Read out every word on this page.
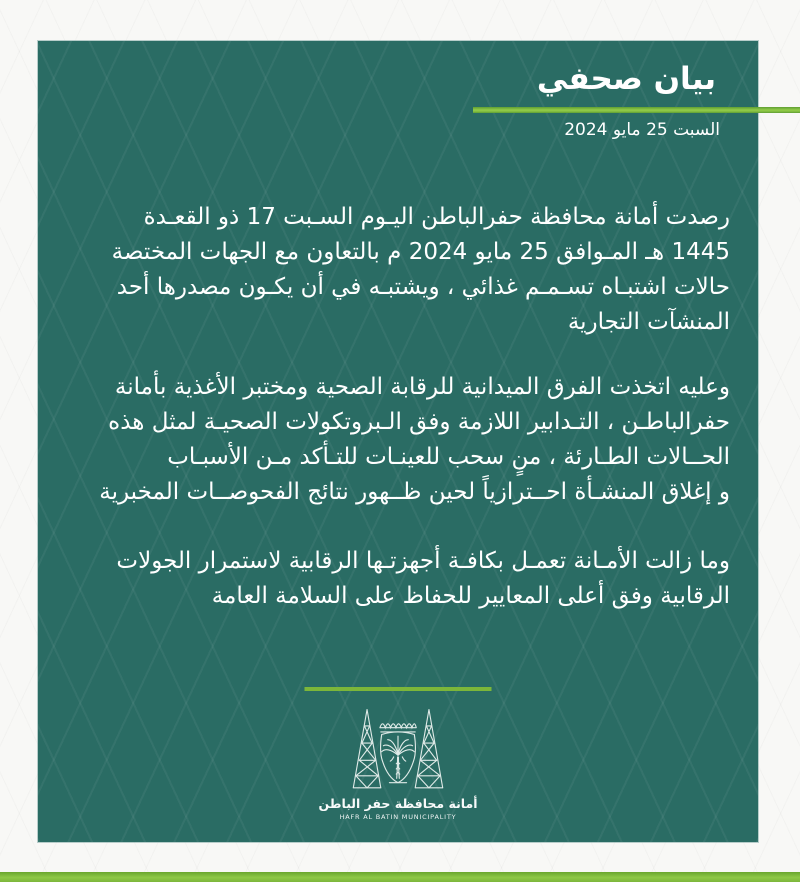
بيان صحفي
السبت 25 مايو 2024
رصدت أمانة محافظة حفرالباطن اليـوم السـبت 17 ذو القعـدة
1445 هـ المـوافق 25 مايو 2024 م بالتعاون مع الجهات المختصة
حالات اشتبـاه تسـمـم غذائي ، ويشتبـه في أن يكـون مصدرها أحد
المنشآت التجارية
وعليه اتخذت الفرق الميدانية للرقابة الصحية ومختبر الأغذية بأمانة
حفرالباطـن ، التـدابير اللازمة وفق الـبروتكولات الصحيـة لمثل هذه
الحــالات الطـارئة ، منٍ سحب للعينـات للتـأكد مـن الأسبـاب
و إغلاق المنشـأة احــترازياً لحين ظــهور نتائج الفحوصــات المخبرية
وما زالت الأمـانة تعمـل بكافـة أجهزتـها الرقابية لاستمرار الجولات
الرقابية وفق أعلى المعايير للحفاظ على السلامة العامة
أمانة محافظة حفر الباطن
HAFR AL BATIN MUNICIPALITY
